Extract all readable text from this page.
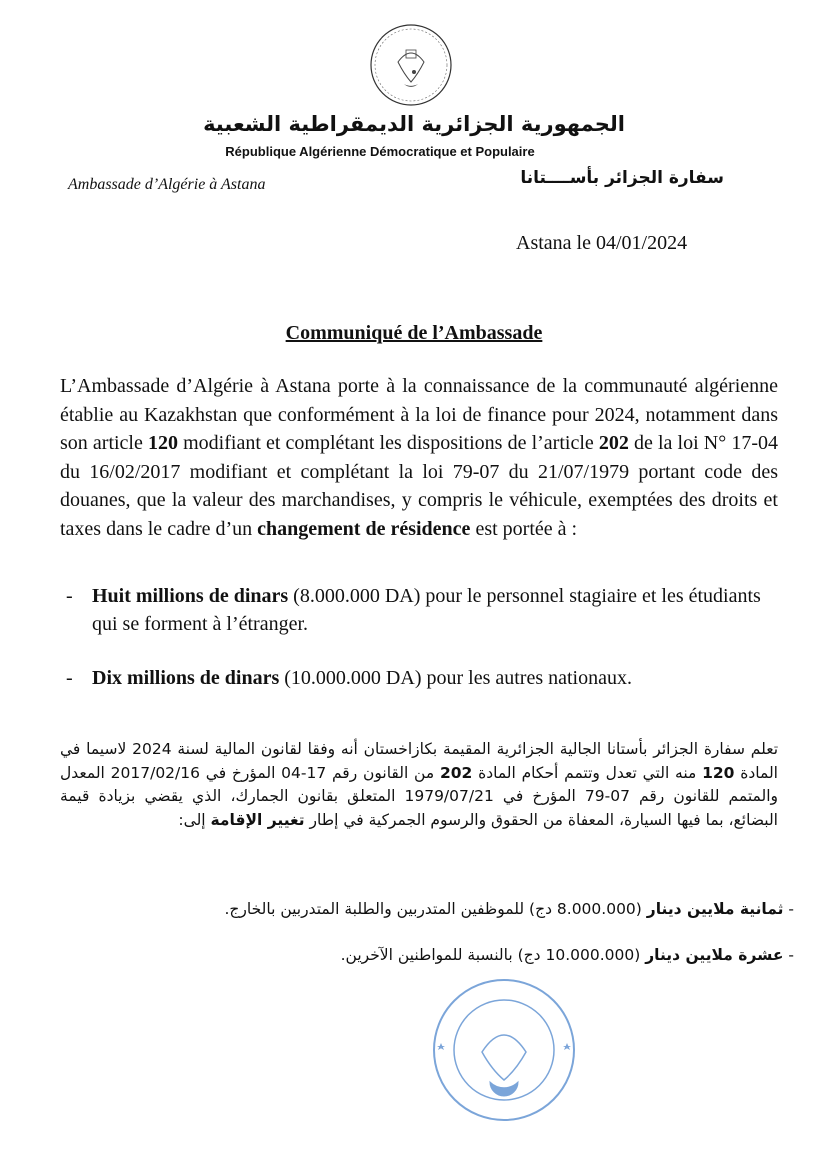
الجمهورية الجزائرية الديمقراطية الشعبية
République Algérienne Démocratique et Populaire
Ambassade d’Algérie à Astana	سفارة الجزائر بأســــتانا
Astana le 04/01/2024
Communiqué de l’Ambassade
L’Ambassade d’Algérie à Astana porte à la connaissance de la communauté algérienne établie au Kazakhstan que conformément à la loi de finance pour 2024, notamment dans son article 120 modifiant et complétant les dispositions de l’article 202 de la loi N° 17-04 du 16/02/2017 modifiant et complétant la loi 79-07 du 21/07/1979 portant code des douanes, que la valeur des marchandises, y compris le véhicule, exemptées des droits et taxes dans le cadre d’un changement de résidence est portée à :
- Huit millions de dinars (8.000.000 DA) pour le personnel stagiaire et les étudiants qui se forment à l’étranger.
- Dix millions de dinars (10.000.000 DA) pour les autres nationaux.
تعلم سفارة الجزائر بأستانا الجالية الجزائرية المقيمة بكازاخستان أنه وفقا لقانون المالية لسنة 2024 لاسيما في المادة 120 منه التي تعدل وتتمم أحكام المادة 202 من القانون رقم 17-04 المؤرخ في 2017/02/16 المعدل والمتمم للقانون رقم 07-79 المؤرخ في 1979/07/21 المتعلق بقانون الجمارك، الذي يقضي بزيادة قيمة البضائع، بما فيها السيارة، المعفاة من الحقوق والرسوم الجمركية في إطار تغيير الإقامة إلى:
- ثمانية ملايين دينار (8.000.000 دج) للموظفين المتدربين والطلبة المتدربين بالخارج.
- عشرة ملايين دينار (10.000.000 دج) بالنسبة للمواطنين الآخرين.
